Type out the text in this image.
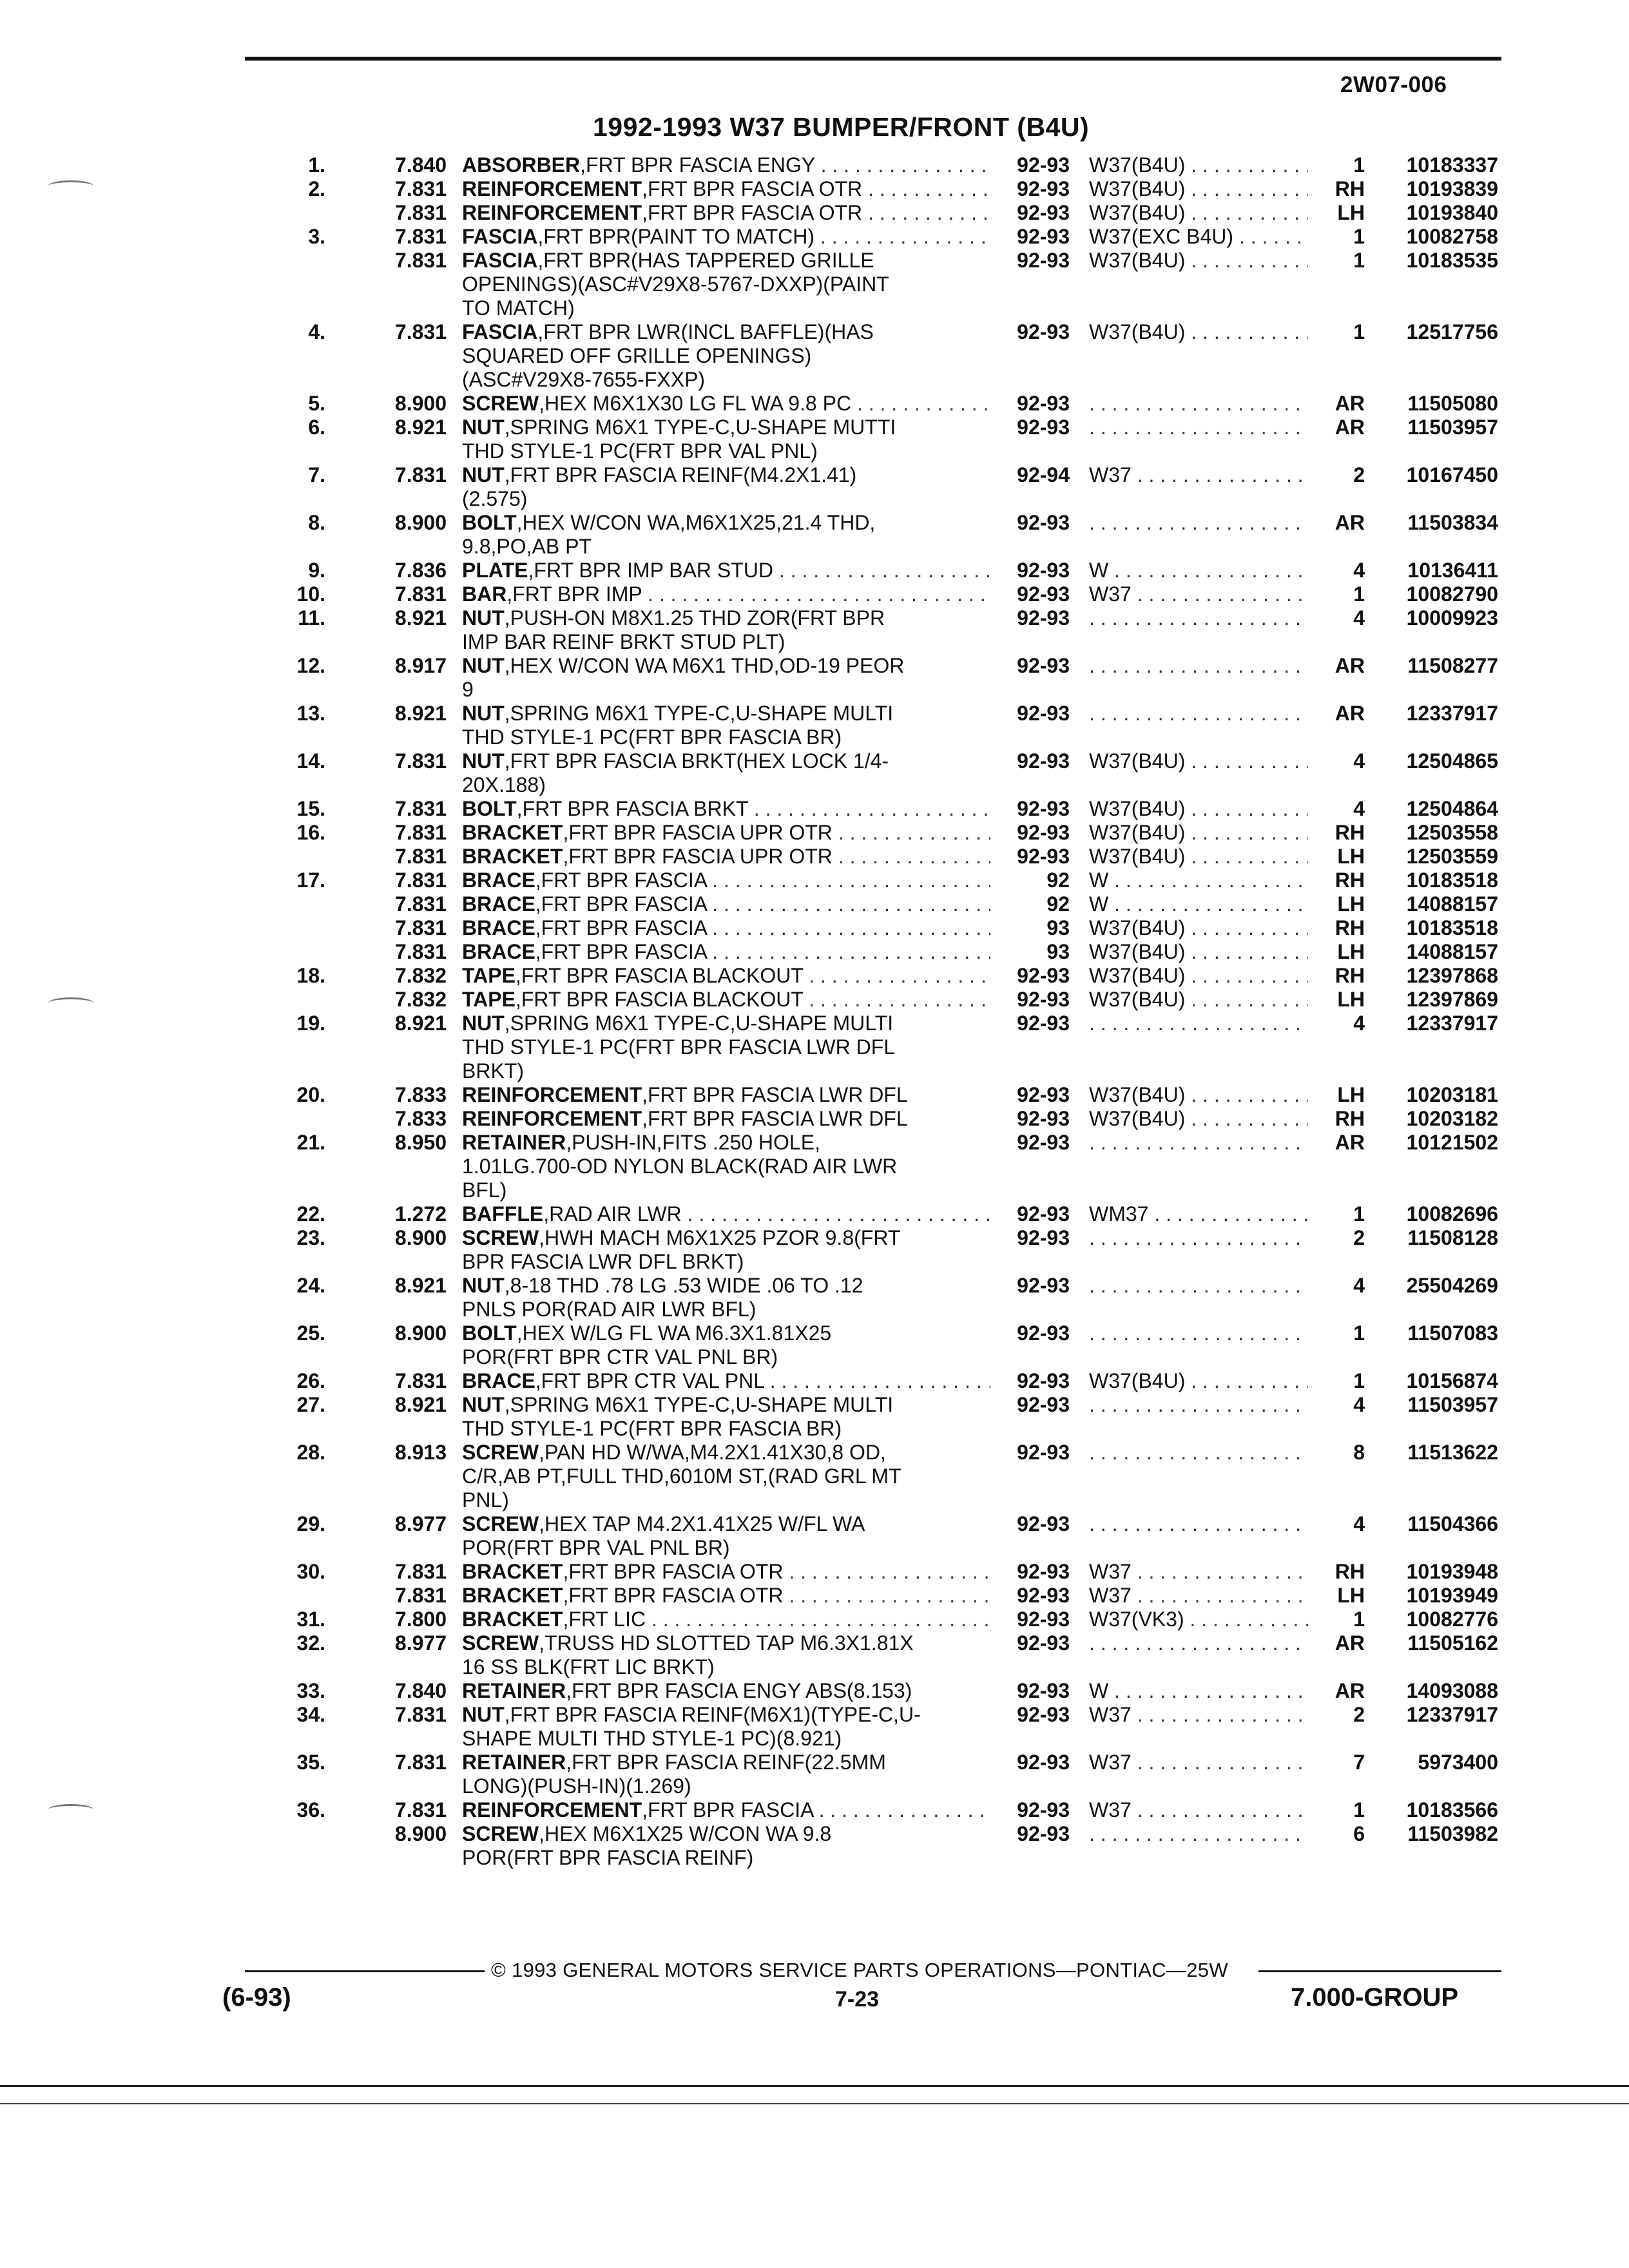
2W07-006
1992-1993 W37 BUMPER/FRONT (B4U)
1.	7.840 ABSORBER,FRT BPR FASCIA ENGY . . .	92-93 W37(B4U) . . .	1	10183337
2.	7.831 REINFORCEMENT,FRT BPR FASCIA OTR . . .	92-93 W37(B4U) . . .	RH	10193839
7.831 REINFORCEMENT,FRT BPR FASCIA OTR . . .	92-93 W37(B4U) . . .	LH	10193840
3.	7.831 FASCIA,FRT BPR(PAINT TO MATCH) . . .	92-93 W37(EXC B4U) . . .	1	10082758
7.831 FASCIA,FRT BPR(HAS TAPPERED GRILLE	92-93 W37(B4U) . . .	1	10183535
OPENINGS)(ASC#V29X8-5767-DXXP)(PAINT
TO MATCH)
4.	7.831 FASCIA,FRT BPR LWR(INCL BAFFLE)(HAS	92-93 W37(B4U) . . .	1	12517756
SQUARED OFF GRILLE OPENINGS)
(ASC#V29X8-7655-FXXP)
5.	8.900 SCREW,HEX M6X1X30 LG FL WA 9.8 PC . . .	92-93 . . .	AR	11505080
6.	8.921 NUT,SPRING M6X1 TYPE-C,U-SHAPE MUTTI	92-93 . . .	AR	11503957
THD STYLE-1 PC(FRT BPR VAL PNL)
7.	7.831 NUT,FRT BPR FASCIA REINF(M4.2X1.41)	92-94 W37 . . .	2	10167450
(2.575)
8.	8.900 BOLT,HEX W/CON WA,M6X1X25,21.4 THD,	92-93 . . .	AR	11503834
9.8,PO,AB PT
9.	7.836 PLATE,FRT BPR IMP BAR STUD . . .	92-93 W . . .	4	10136411
10.	7.831 BAR,FRT BPR IMP . . .	92-93 W37 . . .	1	10082790
11.	8.921 NUT,PUSH-ON M8X1.25 THD ZOR(FRT BPR	92-93 . . .	4	10009923
IMP BAR REINF BRKT STUD PLT)
12.	8.917 NUT,HEX W/CON WA M6X1 THD,OD-19 PEOR	92-93 . . .	AR	11508277
9
13.	8.921 NUT,SPRING M6X1 TYPE-C,U-SHAPE MULTI	92-93 . . .	AR	12337917
THD STYLE-1 PC(FRT BPR FASCIA BR)
14.	7.831 NUT,FRT BPR FASCIA BRKT(HEX LOCK 1/4-	92-93 W37(B4U) . . .	4	12504865
20X.188)
15.	7.831 BOLT,FRT BPR FASCIA BRKT . . .	92-93 W37(B4U) . . .	4	12504864
16.	7.831 BRACKET,FRT BPR FASCIA UPR OTR . . .	92-93 W37(B4U) . . .	RH	12503558
7.831 BRACKET,FRT BPR FASCIA UPR OTR . . .	92-93 W37(B4U) . . .	LH	12503559
17.	7.831 BRACE,FRT BPR FASCIA . . .	92 W . . .	RH	10183518
7.831 BRACE,FRT BPR FASCIA . . .	92 W . . .	LH	14088157
7.831 BRACE,FRT BPR FASCIA . . .	93 W37(B4U) . . .	RH	10183518
7.831 BRACE,FRT BPR FASCIA . . .	93 W37(B4U) . . .	LH	14088157
18.	7.832 TAPE,FRT BPR FASCIA BLACKOUT . . .	92-93 W37(B4U) . . .	RH	12397868
7.832 TAPE,FRT BPR FASCIA BLACKOUT . . .	92-93 W37(B4U) . . .	LH	12397869
19.	8.921 NUT,SPRING M6X1 TYPE-C,U-SHAPE MULTI	92-93 . . .	4	12337917
THD STYLE-1 PC(FRT BPR FASCIA LWR DFL
BRKT)
20.	7.833 REINFORCEMENT,FRT BPR FASCIA LWR DFL	92-93 W37(B4U) . . .	LH	10203181
7.833 REINFORCEMENT,FRT BPR FASCIA LWR DFL	92-93 W37(B4U) . . .	RH	10203182
21.	8.950 RETAINER,PUSH-IN,FITS .250 HOLE,	92-93 . . .	AR	10121502
1.01LG.700-OD NYLON BLACK(RAD AIR LWR
BFL)
22.	1.272 BAFFLE,RAD AIR LWR . . .	92-93 WM37 . . .	1	10082696
23.	8.900 SCREW,HWH MACH M6X1X25 PZOR 9.8(FRT	92-93 . . .	2	11508128
BPR FASCIA LWR DFL BRKT)
24.	8.921 NUT,8-18 THD .78 LG .53 WIDE .06 TO .12	92-93 . . .	4	25504269
PNLS POR(RAD AIR LWR BFL)
25.	8.900 BOLT,HEX W/LG FL WA M6.3X1.81X25	92-93 . . .	1	11507083
POR(FRT BPR CTR VAL PNL BR)
26.	7.831 BRACE,FRT BPR CTR VAL PNL . . .	92-93 W37(B4U) . . .	1	10156874
27.	8.921 NUT,SPRING M6X1 TYPE-C,U-SHAPE MULTI	92-93 . . .	4	11503957
THD STYLE-1 PC(FRT BPR FASCIA BR)
28.	8.913 SCREW,PAN HD W/WA,M4.2X1.41X30,8 OD,	92-93 . . .	8	11513622
C/R,AB PT,FULL THD,6010M ST,(RAD GRL MT
PNL)
29.	8.977 SCREW,HEX TAP M4.2X1.41X25 W/FL WA	92-93 . . .	4	11504366
POR(FRT BPR VAL PNL BR)
30.	7.831 BRACKET,FRT BPR FASCIA OTR . . .	92-93 W37 . . .	RH	10193948
7.831 BRACKET,FRT BPR FASCIA OTR . . .	92-93 W37 . . .	LH	10193949
31.	7.800 BRACKET,FRT LIC . . .	92-93 W37(VK3) . . .	1	10082776
32.	8.977 SCREW,TRUSS HD SLOTTED TAP M6.3X1.81X	92-93 . . .	AR	11505162
16 SS BLK(FRT LIC BRKT)
33.	7.840 RETAINER,FRT BPR FASCIA ENGY ABS(8.153)	92-93 W . . .	AR	14093088
34.	7.831 NUT,FRT BPR FASCIA REINF(M6X1)(TYPE-C,U-	92-93 W37 . . .	2	12337917
SHAPE MULTI THD STYLE-1 PC)(8.921)
35.	7.831 RETAINER,FRT BPR FASCIA REINF(22.5MM	92-93 W37 . . .	7	5973400
LONG)(PUSH-IN)(1.269)
36.	7.831 REINFORCEMENT,FRT BPR FASCIA . . .	92-93 W37 . . .	1	10183566
8.900 SCREW,HEX M6X1X25 W/CON WA 9.8	92-93 . . .	6	11503982
POR(FRT BPR FASCIA REINF)
© 1993 GENERAL MOTORS SERVICE PARTS OPERATIONS—PONTIAC—25W
(6-93)	7-23	7.000-GROUP
